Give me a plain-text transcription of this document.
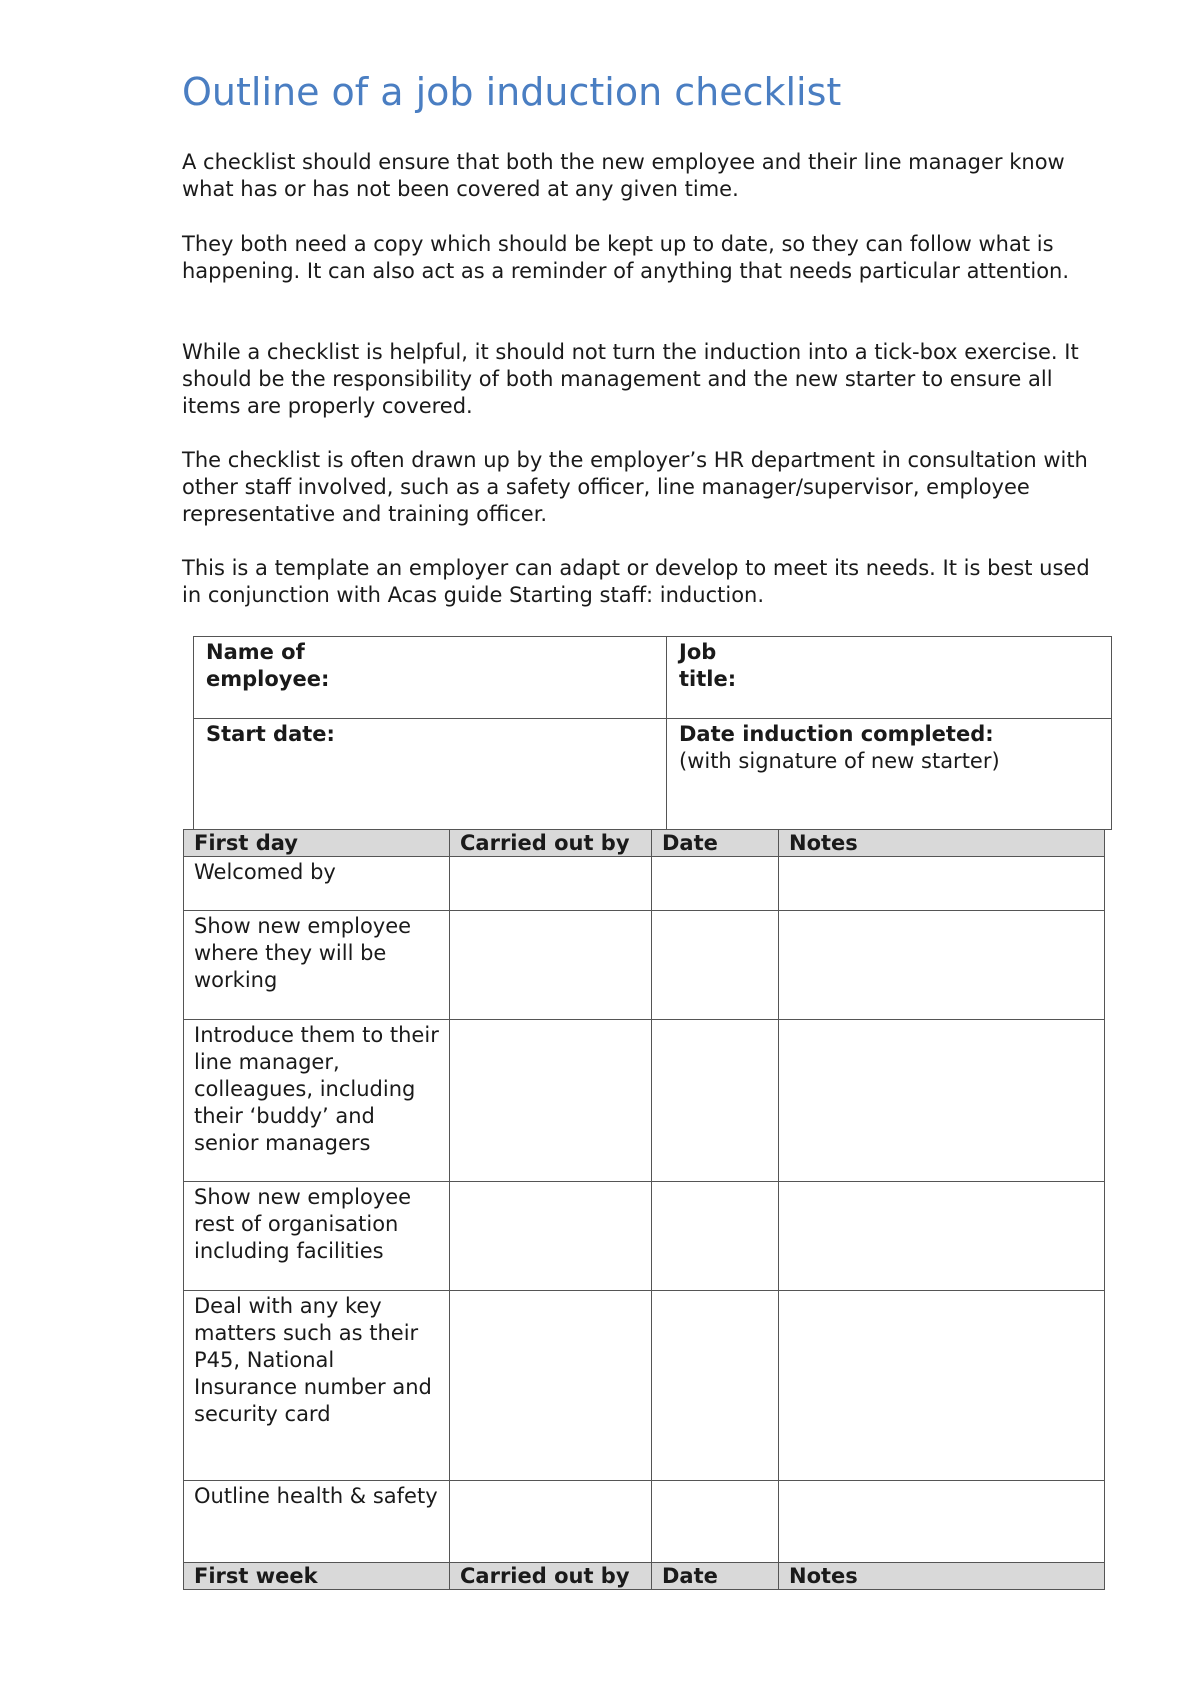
Outline of a job induction checklist

A checklist should ensure that both the new employee and their line manager know what has or has not been covered at any given time.

They both need a copy which should be kept up to date, so they can follow what is happening. It can also act as a reminder of anything that needs particular attention.

While a checklist is helpful, it should not turn the induction into a tick-box exercise. It should be the responsibility of both management and the new starter to ensure all items are properly covered.

The checklist is often drawn up by the employer’s HR department in consultation with other staff involved, such as a safety officer, line manager/supervisor, employee representative and training officer.

This is a template an employer can adapt or develop to meet its needs. It is best used in conjunction with Acas guide Starting staff: induction.

Name of employee:	Job title:
Start date:	Date induction completed:
(with signature of new starter)
First day	Carried out by	Date	Notes
Welcomed by			
Show new employee where they will be working			
Introduce them to their line manager, colleagues, including their ‘buddy’ and senior managers			
Show new employee rest of organisation including facilities			
Deal with any key matters such as their P45, National Insurance number and security card			
Outline health & safety			
First week	Carried out by	Date	Notes
